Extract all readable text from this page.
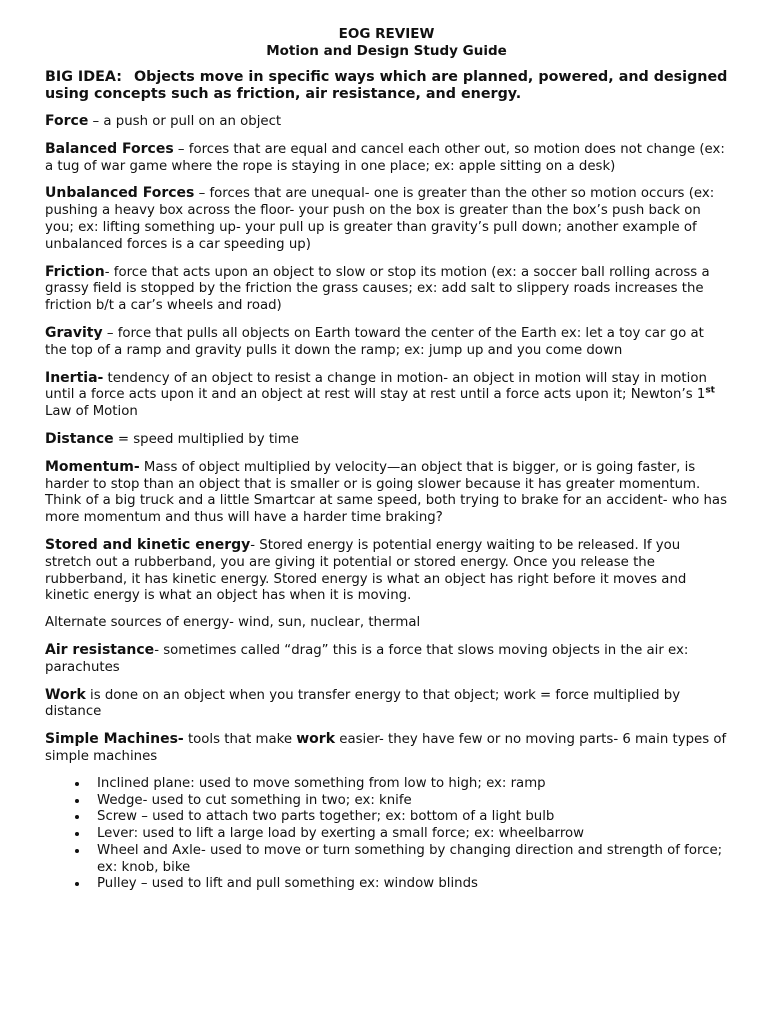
EOG REVIEW
Motion and Design Study Guide
BIG IDEA: Objects move in specific ways which are planned, powered, and designed using concepts such as friction, air resistance, and energy.

Force – a push or pull on an object

Balanced Forces – forces that are equal and cancel each other out, so motion does not change (ex: a tug of war game where the rope is staying in one place; ex: apple sitting on a desk)

Unbalanced Forces – forces that are unequal- one is greater than the other so motion occurs (ex: pushing a heavy box across the floor- your push on the box is greater than the box’s push back on you; ex: lifting something up- your pull up is greater than gravity’s pull down; another example of unbalanced forces is a car speeding up)

Friction- force that acts upon an object to slow or stop its motion (ex: a soccer ball rolling across a grassy field is stopped by the friction the grass causes; ex: add salt to slippery roads increases the friction b/t a car’s wheels and road)

Gravity – force that pulls all objects on Earth toward the center of the Earth ex: let a toy car go at the top of a ramp and gravity pulls it down the ramp; ex: jump up and you come down

Inertia- tendency of an object to resist a change in motion- an object in motion will stay in motion until a force acts upon it and an object at rest will stay at rest until a force acts upon it; Newton’s 1st Law of Motion

Distance = speed multiplied by time

Momentum- Mass of object multiplied by velocity—an object that is bigger, or is going faster, is harder to stop than an object that is smaller or is going slower because it has greater momentum. Think of a big truck and a little Smartcar at same speed, both trying to brake for an accident- who has more momentum and thus will have a harder time braking?

Stored and kinetic energy- Stored energy is potential energy waiting to be released. If you stretch out a rubberband, you are giving it potential or stored energy. Once you release the rubberband, it has kinetic energy. Stored energy is what an object has right before it moves and kinetic energy is what an object has when it is moving.

Alternate sources of energy- wind, sun, nuclear, thermal

Air resistance- sometimes called “drag” this is a force that slows moving objects in the air ex: parachutes

Work is done on an object when you transfer energy to that object; work = force multiplied by distance

Simple Machines- tools that make work easier- they have few or no moving parts- 6 main types of simple machines

• Inclined plane: used to move something from low to high; ex: ramp
• Wedge- used to cut something in two; ex: knife
• Screw – used to attach two parts together; ex: bottom of a light bulb
• Lever: used to lift a large load by exerting a small force; ex: wheelbarrow
• Wheel and Axle- used to move or turn something by changing direction and strength of force; ex: knob, bike
• Pulley – used to lift and pull something ex: window blinds
